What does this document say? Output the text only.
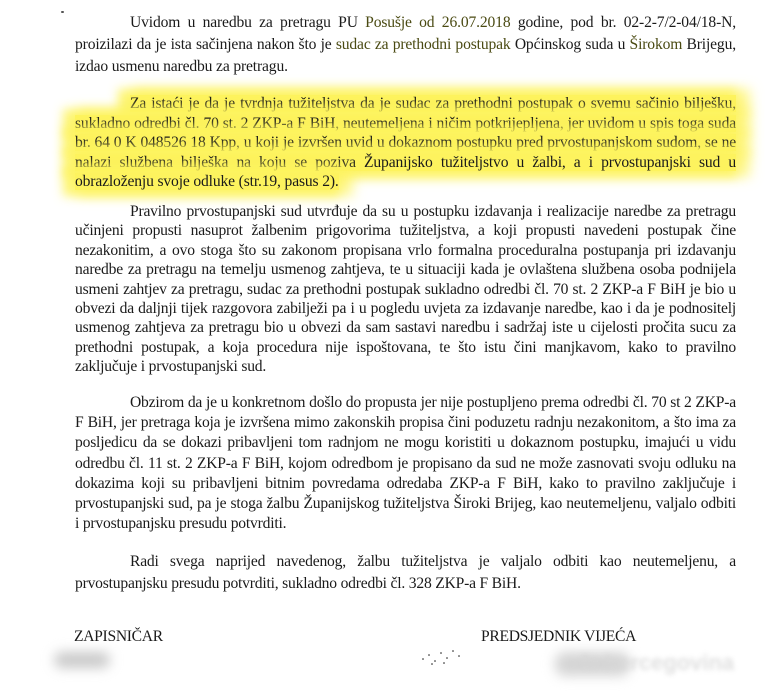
Uvidom u naredbu za pretragu PU Posušje od 26.07.2018 godine, pod br. 02-2-7/2-04/18-N, proizilazi da je ista sačinjena nakon što je sudac za prethodni postupak Općinskog suda u Širokom Brijegu, izdao usmenu naredbu za pretragu.

Za istaći je da je tvrdnja tužiteljstva da je sudac za prethodni postupak o svemu sačinio bilješku, sukladno odredbi čl. 70 st. 2 ZKP-a F BiH, neutemeljena i ničim potkrijepljena, jer uvidom u spis toga suda br. 64 0 K 048526 18 Kpp, u koji je izvršen uvid u dokaznom postupku pred prvostupanjskom sudom, se ne nalazi službena bilješka na koju se poziva Županijsko tužiteljstvo u žalbi, a i prvostupanjski sud u obrazloženju svoje odluke (str.19, pasus 2).

Pravilno prvostupanjski sud utvrđuje da su u postupku izdavanja i realizacije naredbe za pretragu učinjeni propusti nasuprot žalbenim prigovorima tužiteljstva, a koji propusti navedeni postupak čine nezakonitim, a ovo stoga što su zakonom propisana vrlo formalna proceduralna postupanja pri izdavanju naredbe za pretragu na temelju usmenog zahtjeva, te u situaciji kada je ovlaštena službena osoba podnijela usmeni zahtjev za pretragu, sudac za prethodni postupak sukladno odredbi čl. 70 st. 2 ZKP-a F BiH je bio u obvezi da daljnji tijek razgovora zabilježi pa i u pogledu uvjeta za izdavanje naredbe, kao i da je podnositelj usmenog zahtjeva za pretragu bio u obvezi da sam sastavi naredbu i sadržaj iste u cijelosti pročita sucu za prethodni postupak, a koja procedura nije ispoštovana, te što istu čini manjkavom, kako to pravilno zaključuje i prvostupanjski sud.

Obzirom da je u konkretnom došlo do propusta jer nije postupljeno prema odredbi čl. 70 st 2 ZKP-a F BiH, jer pretraga koja je izvršena mimo zakonskih propisa čini poduzetu radnju nezakonitom, a što ima za posljedicu da se dokazi pribavljeni tom radnjom ne mogu koristiti u dokaznom postupku, imajući u vidu odredbu čl. 11 st. 2 ZKP-a F BiH, kojom odredbom je propisano da sud ne može zasnovati svoju odluku na dokazima koji su pribavljeni bitnim povredama odredaba ZKP-a F BiH, kako to pravilno zaključuje i prvostupanjski sud, pa je stoga žalbu Županijskog tužiteljstva Široki Brijeg, kao neutemeljenu, valjalo odbiti i prvostupanjsku presudu potvrditi.

Radi svega naprijed navedenog, žalbu tužiteljstva je valjalo odbiti kao neutemeljenu, a prvostupanjsku presudu potvrditi, sukladno odredbi čl. 328 ZKP-a F BiH.

ZAPISNIČAR	PREDSJEDNIK VIJEĆA
↻ hercegovina
